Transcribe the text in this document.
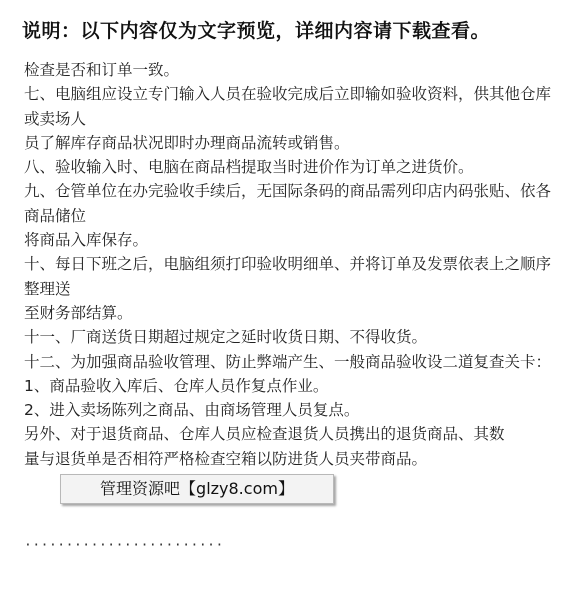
说明：以下内容仅为文字预览，详细内容请下载查看。
检查是否和订单一致。
七、电脑组应设立专门输入人员在验收完成后立即输如验收资料，供其他仓库或卖场人
员了解库存商品状况即时办理商品流转或销售。
八、验收输入时、电脑在商品档提取当时进价作为订单之进货价。
九、仓管单位在办完验收手续后，无国际条码的商品需列印店内码张贴、依各商品储位
将商品入库保存。
十、每日下班之后，电脑组须打印验收明细单、并将订单及发票依表上之顺序整理送
至财务部结算。
十一、厂商送货日期超过规定之延时收货日期、不得收货。
十二、为加强商品验收管理、防止弊端产生、一般商品验收设二道复查关卡：
1、商品验收入库后、仓库人员作复点作业。
2、进入卖场陈列之商品、由商场管理人员复点。
另外、对于退货商品、仓库人员应检查退货人员携出的退货商品、其数
量与退货单是否相符严格检查空箱以防进货人员夹带商品。
························
管理资源吧【glzy8.com】
